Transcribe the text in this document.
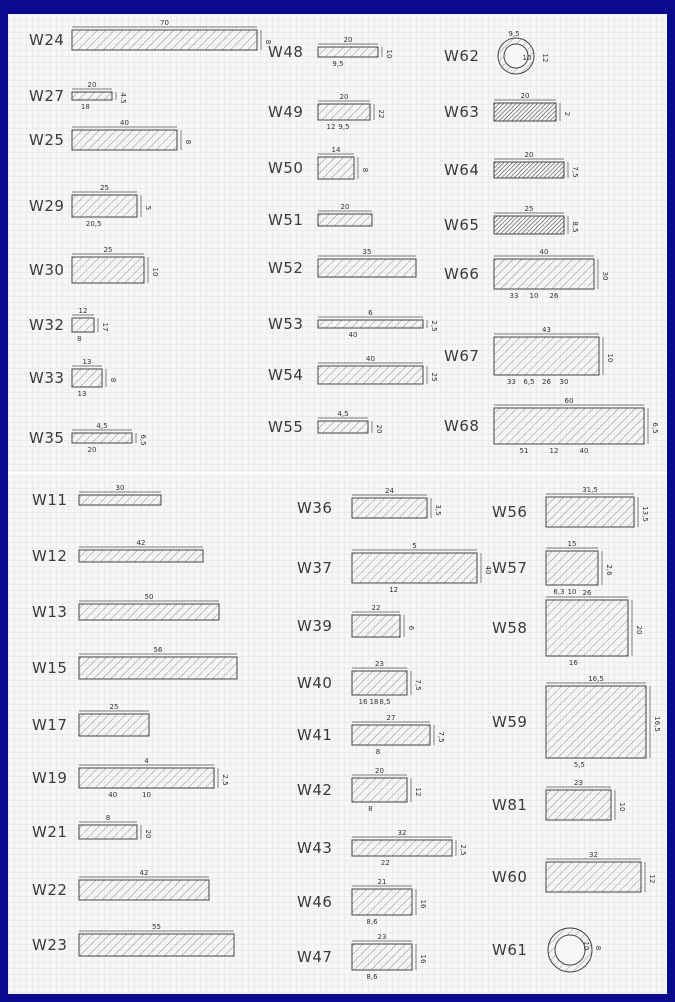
70
8
20
4.5
18
40
8
25
5
20,5
25
10
12
17
8
13
8
13
4,5
6,5
20
20
10
9,5
20
22
12 9,5
14
8
20
35
6
2,5
40
40
25
4,5
20
9,5
10 12
20
2
20
7,5
25
8,5
40
30
33 10 26
43
10
33 6,5 26 30
60
6,5
51	12	40
30
42
50
56
25
4
2,5
40	10
8
20
42
55
24
3,5
5
40
12
22
6
23
7,5
16 18 8,5
27
7,5
8
20
12
8
32
2,5
22
21
16
8,6
23
16
8,6
31,5
13,5
15
2,6
6,3 10 26
20
16
16,5
16,5
5,5
23
10
32
12
10 8
W24
W27
W25
W29
W30
W32
W33
W35
W48
W49
W50
W51
W52
W53
W54
W55
W62
W63
W64
W65
W66
W67
W68
W11
W12
W13
W15
W17
W19
W21
W22
W23
W36
W37
W39
W40
W41
W42
W43
W46
W47
W56
W57
W58
W59
W81
W60
W61
